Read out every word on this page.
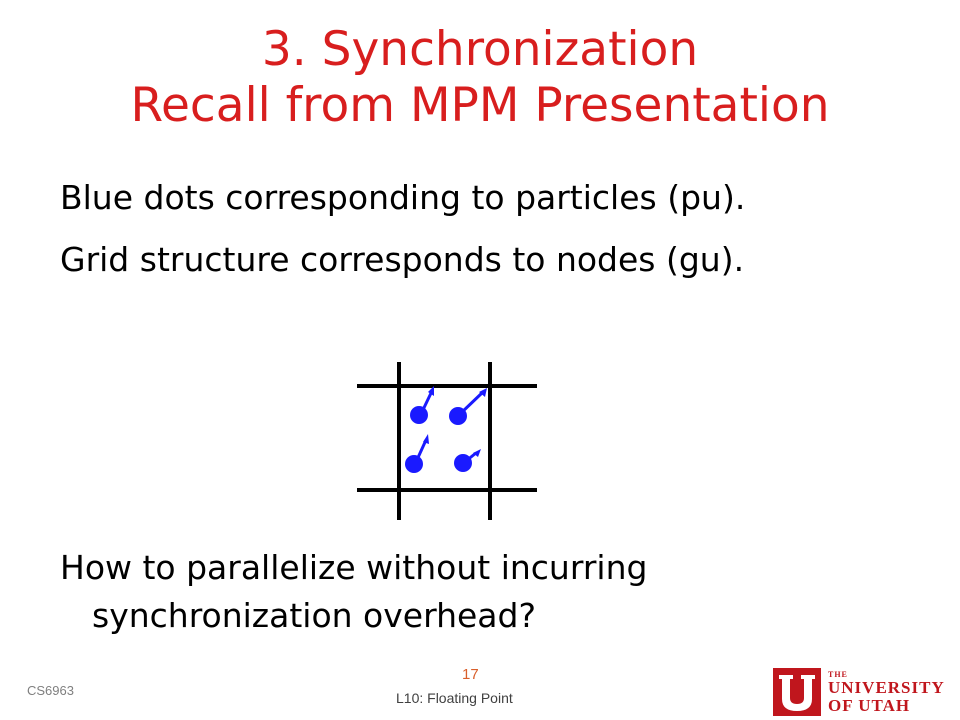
3. Synchronization
Recall from MPM Presentation
Blue dots corresponding to particles (pu).
Grid structure corresponds to nodes (gu).
How to parallelize without incurring
synchronization overhead?
CS6963
17
L10: Floating Point
THE
UNIVERSITY
OF UTAH
